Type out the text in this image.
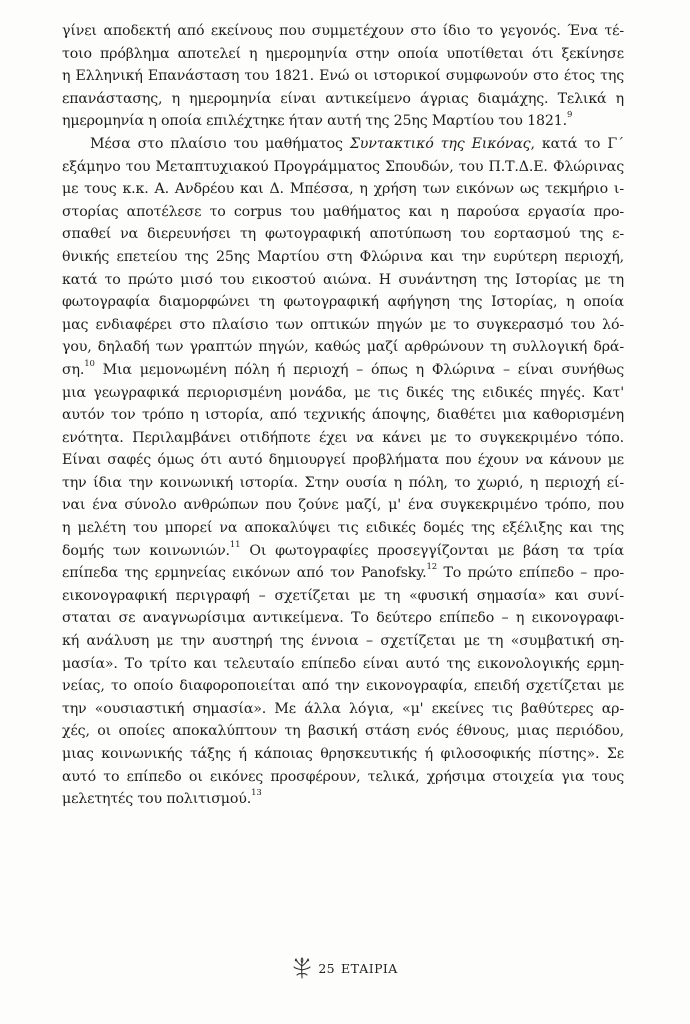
γίνει αποδεκτή από εκείνους που συμμετέχουν στο ίδιο το γεγονός. Ένα τέ-
τοιο πρόβλημα αποτελεί η ημερομηνία στην οποία υποτίθεται ότι ξεκίνησε
η Ελληνική Επανάσταση του 1821. Ενώ οι ιστορικοί συμφωνούν στο έτος της
επανάστασης, η ημερομηνία είναι αντικείμενο άγριας διαμάχης. Τελικά η
ημερομηνία η οποία επιλέχτηκε ήταν αυτή της 25ης Μαρτίου του 1821.$^9$
Μέσα στο πλαίσιο του μαθήματος Συντακτικό της Εικόνας, κατά το Γ΄
εξάμηνο του Μεταπτυχιακού Προγράμματος Σπουδών, του Π.Τ.Δ.Ε. Φλώρινας
με τους κ.κ. Α. Ανδρέου και Δ. Μπέσσα, η χρήση των εικόνων ως τεκμήριο ι-
στορίας αποτέλεσε το corpus του μαθήματος και η παρούσα εργασία προ-
σπαθεί να διερευνήσει τη φωτογραφική αποτύπωση του εορτασμού της ε-
θνικής επετείου της 25ης Μαρτίου στη Φλώρινα και την ευρύτερη περιοχή,
κατά το πρώτο μισό του εικοστού αιώνα. Η συνάντηση της Ιστορίας με τη
φωτογραφία διαμορφώνει τη φωτογραφική αφήγηση της Ιστορίας, η οποία
μας ενδιαφέρει στο πλαίσιο των οπτικών πηγών με το συγκερασμό του λό-
γου, δηλαδή των γραπτών πηγών, καθώς μαζί αρθρώνουν τη συλλογική δρά-
ση.$^{10}$ Μια μεμονωμένη πόλη ή περιοχή – όπως η Φλώρινα – είναι συνήθως
μια γεωγραφικά περιορισμένη μονάδα, με τις δικές της ειδικές πηγές. Κατ'
αυτόν τον τρόπο η ιστορία, από τεχνικής άποψης, διαθέτει μια καθορισμένη
ενότητα. Περιλαμβάνει οτιδήποτε έχει να κάνει με το συγκεκριμένο τόπο.
Είναι σαφές όμως ότι αυτό δημιουργεί προβλήματα που έχουν να κάνουν με
την ίδια την κοινωνική ιστορία. Στην ουσία η πόλη, το χωριό, η περιοχή εί-
ναι ένα σύνολο ανθρώπων που ζούνε μαζί, μ' ένα συγκεκριμένο τρόπο, που
η μελέτη του μπορεί να αποκαλύψει τις ειδικές δομές της εξέλιξης και της
δομής των κοινωνιών.$^{11}$ Οι φωτογραφίες προσεγγίζονται με βάση τα τρία
επίπεδα της ερμηνείας εικόνων από τον Panofsky.$^{12}$ Το πρώτο επίπεδο – προ-
εικονογραφική περιγραφή – σχετίζεται με τη «φυσική σημασία» και συνί-
σταται σε αναγνωρίσιμα αντικείμενα. Το δεύτερο επίπεδο – η εικονογραφι-
κή ανάλυση με την αυστηρή της έννοια – σχετίζεται με τη «συμβατική ση-
μασία». Το τρίτο και τελευταίο επίπεδο είναι αυτό της εικονολογικής ερμη-
νείας, το οποίο διαφοροποιείται από την εικονογραφία, επειδή σχετίζεται με
την «ουσιαστική σημασία». Με άλλα λόγια, «μ' εκείνες τις βαθύτερες αρ-
χές, οι οποίες αποκαλύπτουν τη βασική στάση ενός έθνους, μιας περιόδου,
μιας κοινωνικής τάξης ή κάποιας θρησκευτικής ή φιλοσοφικής πίστης». Σε
αυτό το επίπεδο οι εικόνες προσφέρουν, τελικά, χρήσιμα στοιχεία για τους
μελετητές του πολιτισμού.$^{13}$
25 ΕΤΑΙΡΙΑ
